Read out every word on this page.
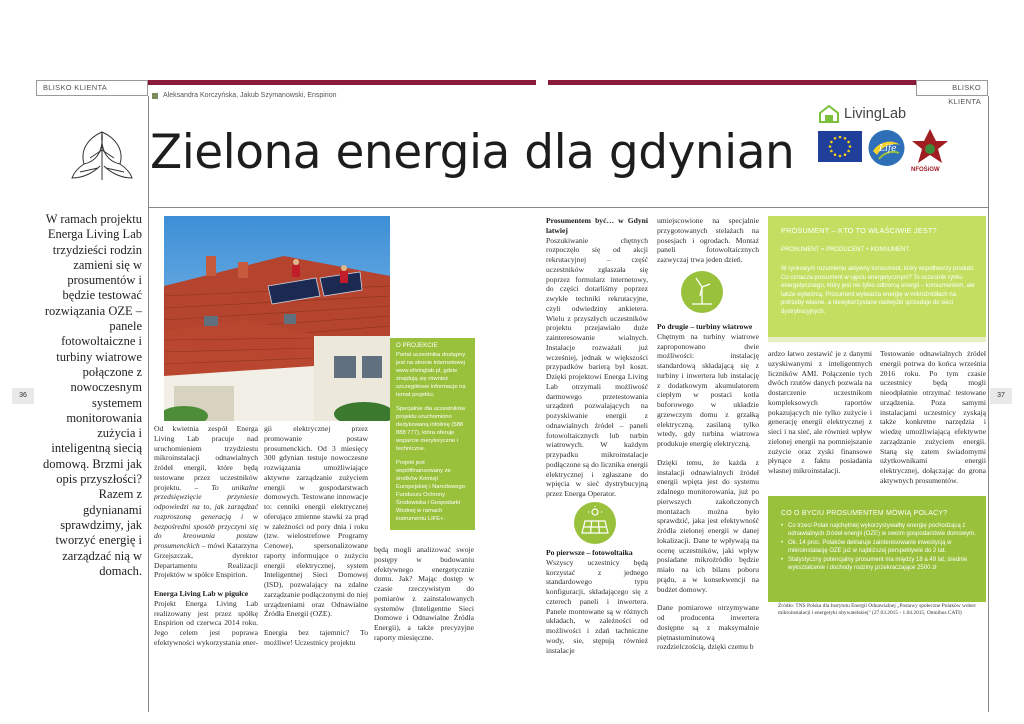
BLISKO KLIENTA	BLISKO KLIENTA
Aleksandra Korczyńska, Jakub Szymanowski, Enspirion
Zielona energia dla gdynian
LivingLab
Life
NFOŚiGW
W ramach projektu Energa Living Lab trzydzieści rodzin zamieni się w prosumentów i będzie testować rozwiązania OZE – panele fotowoltaiczne i turbiny wiatrowe połączone z nowoczesnym systemem monitorowania zużycia i inteligentną siecią domową. Brzmi jak opis przyszłości? Razem z gdynianami sprawdzimy, jak tworzyć energię i zarządzać nią w domach.
36	37

Od kwietnia zespół Energa Living Lab pracuje nad uruchomieniem trzydziestu mikroinstalacji odnawialnych źródeł energii, które będą testowane przez uczestników projektu. – To unikalne przedsięwzięcie przyniesie odpowiedzi na to, jak zarządzać rozproszoną generacją i w bezpośredni sposób przyczyni się do kreowania postaw prosumenckich – mówi Katarzyna Grzejszczak, dyrektor Departamentu Realizacji Projektów w spółce Enspirion.

Energa Living Lab w pigułce

Projekt Energa Living Lab realizowany jest przez spółkę Enspirion od czerwca 2014 roku. Jego celem jest poprawa efektywności wykorzystania ener-

gii elektrycznej przez promowanie postaw prosumenckich. Od 3 miesięcy 300 gdynian testuje nowoczesne rozwiązania umożliwiające aktywne zarządzanie zużyciem energii w gospodarstwach domowych. Testowane innowacje to: cenniki energii elektrycznej oferujące zmienne stawki za prąd w zależności od pory dnia i roku (tzw. wielostrefowe Programy Cenowe), spersonalizowane raporty informujące o zużyciu energii elektrycznej, system Inteligentnej Sieci Domowej (ISD), pozwalający na zdalne zarządzanie podłączonymi do niej urządzeniami oraz Odnawialne Źródła Energii (OZE).

Energia bez tajemnic? To możliwe! Uczestnicy projektu

będą mogli analizować swoje postępy w budowaniu efektywnego energetycznie domu. Jak? Mając dostęp w czasie rzeczywistym do pomiarów z zainstalowanych systemów (Inteligentne Sieci Domowe i Odnawialne Źródła Energii), a także precyzyjne raporty miesięczne.

O PROJEKCIE

Portal uczestnika dostępny jest na stronie internetowej www.elivinglab.pl, gdzie znajdują się również szczegółowe informacje na temat projektu.

Specjalnie dla uczestników projektu uruchomiono dedykowaną infolinię (588 888 777), która oferuje wsparcie merytoryczne i techniczne.

Projekt jest współfinansowany ze środków Komisji Europejskiej i Narodowego Funduszu Ochrony Środowiska i Gospodarki Wodnej w ramach instrumentu LIFE+.

Prosumentem być… w Gdyni latwiej

Poszukiwanie chętnych rozpoczęło się od akcji rekrutacyjnej – część uczestników zgłaszała się poprzez formularz internetowy, do części dotarliśmy poprzez zwykłe techniki rekrutacyjne, czyli odwiedziny ankietera. Wielu z przyszłych uczestników projektu przejawiało duże zainteresowanie wialnych. Instalacje rozważali już wcześniej, jednak w większości przypadków barierą był koszt. Dzięki projektowi Energa Living Lab otrzymali możliwość darmowego przetestowania urządzeń pozwalających na pozyskiwanie energii z odnawialnych źródeł – paneli fotowoltaicznych lub turbin wiatrowych. W każdym przypadku mikroinstalacje podłączone są do licznika energii elektrycznej i zgłaszane do wpięcia w sieć dystrybucyjną przez Energa Operator.

Po pierwsze – fotowoltaika

Wszyscy uczestnicy będą korzystać z jednego standardowego typu konfiguracji, składającego się z czterech paneli i inwertera. Panele montowane są w różnych układach, w zależności od możliwości i zdań tachniczne wody, sie, stępują również instalacje

umiejscowione na specjalnie przygotowanych stelażach na posesjach i ogrodach. Montaż paneli fotowoltaicznych zazwyczaj trwa jeden dzień.

Po drugie – turbiny wiatrowe

Chętnym na turbiny wiatrowe zaproponowano dwie możliwości: instalację standardową składającą się z turbiny i inwertera lub instalację z dodatkowym akumulatorem ciepłym w postaci kotła buforowego w układzie grzewczym domu z grzałką elektryczną, zasilaną tylko wtedy, gdy turbina wiatrowa produkuje energię elektryczną.

Dzięki temu, że każda z instalacji odnawialnych źródeł energii wpięta jest do systemu zdalnego monitorowania, już po pierwszych zakończonych montażach można było sprawdzić, jaka jest efektywność źródła zielonej energii w danej lokalizacji. Dane te wpływają na ocenę uczestników, jaki wpływ posiadane mikroźródło będzie miało na ich bilans poboru prądu, a w konsekwencji na budżet domowy.

Dane pomiarowe otrzymywane od producenta inwertera dostępne są z maksymalnie piętnastominutową rozdzielczością, dzięki czemu b

PROSUMENT – KTO TO WŁAŚCIWIE JEST?
PROSUMENT = PRODUCENT + KONSUMENT.
W rynkowym rozumieniu aktywny konsument, który współtworzy produkt. Co oznacza prosument w ujęciu energetycznym? To uczestnik rynku energetycznego, który jest nie tylko odbiorcą energii – konsumentem, ale także wytwórcą. Prosument wytwarza energię w mikroźródłach na potrzeby własne, a niewykorzystane nadwyżki sprzedaje do sieci dystrybucyjnych.

ardzo łatwo zestawić je z danymi uzyskiwanymi z inteligentnych liczników AMI. Połączenie tych dwóch rzutów danych pozwala na dostarczenie uczestnikom kompleksowych raportów pokazujących nie tylko zużycie i generację energii elektrycznej z sieci i na sieć, ale również wpływ zielonej energii na pomniejszanie zużycie oraz zyski finansowe płynące z faktu posiadania własnej mikroinstalacji.

Testowanie odnawialnych źródeł energii potrwa do końca września 2016 roku. Po tym czasie uczestnicy będą mogli nieodpłatnie otrzymać testowane urządzenia. Poza samymi instalacjami uczestnicy zyskają także konkretne narzędzia i wiedzę umożliwiającą efektywne zarządzanie zużyciem energii. Staną się zatem świadomymi użytkownikami energii elektrycznej, dołączając do grona aktywnych prosumentów.

CO O BYCIU PROSUMENTEM MÓWIĄ POLACY?
• Co trzeci Polak najchętniej wykorzystywałby energię pochodzącą z odnawialnych źródeł energii (OZE) w swoim gospodarstwie domowym.
• Ok. 14 proc. Polaków deklaruje zainteresowanie inwestycją w mikroinstalację OZE już w najbliższej perspektywie do 2 lat.
• Statystyczny potencjalny prosument ma między 18 a 49 lat, średnie wykształcenie i dochody rodziny przekraczające 2500 zł
Źródło: TNS Polska dla Instytutu Energii Odnawialnej „Postawy społeczne Polaków wobec mikroinstalacji i energetyki obywatelskiej" (27.03.2015 - 1.04.2015, Omnibus CATI)
